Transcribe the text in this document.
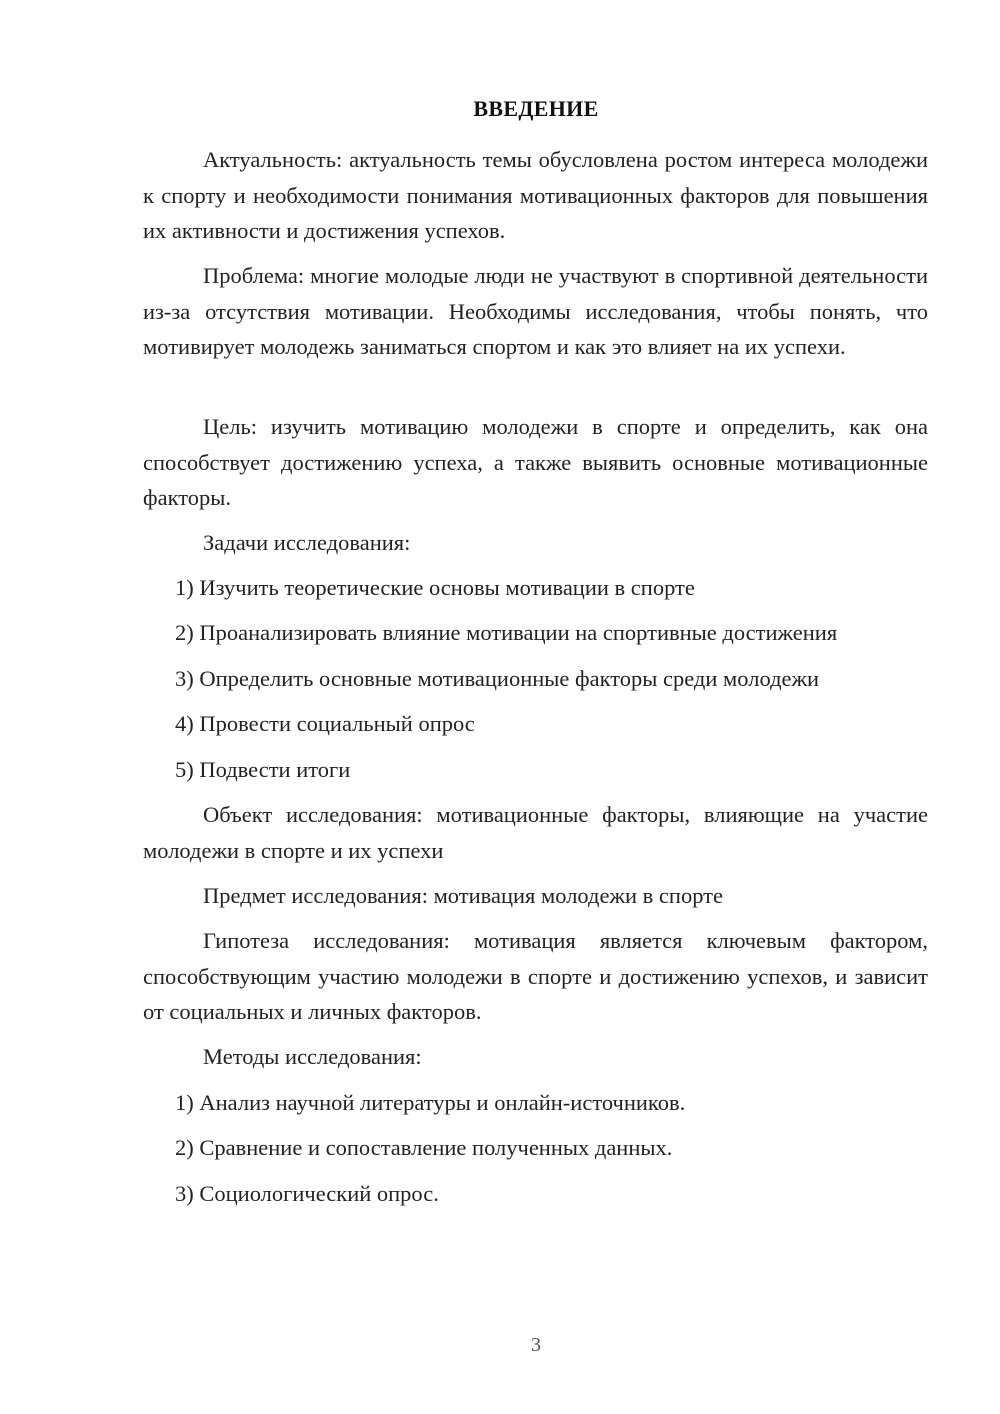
ВВЕДЕНИЕ

Актуальность: актуальность темы обусловлена ростом интереса молодежи к спорту и необходимости понимания мотивационных факторов для повышения их активности и достижения успехов.

Проблема: многие молодые люди не участвуют в спортивной деятельности из-за отсутствия мотивации. Необходимы исследования, чтобы понять, что мотивирует молодежь заниматься спортом и как это влияет на их успехи.

Цель: изучить мотивацию молодежи в спорте и определить, как она способствует достижению успеха, а также выявить основные мотивационные факторы.

Задачи исследования:

1) Изучить теоретические основы мотивации в спорте

2) Проанализировать влияние мотивации на спортивные достижения

3) Определить основные мотивационные факторы среди молодежи

4) Провести социальный опрос

5) Подвести итоги

Объект исследования: мотивационные факторы, влияющие на участие молодежи в спорте и их успехи

Предмет исследования: мотивация молодежи в спорте

Гипотеза исследования: мотивация является ключевым фактором, способствующим участию молодежи в спорте и достижению успехов, и зависит от социальных и личных факторов.

Методы исследования:

1) Анализ научной литературы и онлайн-источников.

2) Сравнение и сопоставление полученных данных.

3) Социологический опрос.

3
